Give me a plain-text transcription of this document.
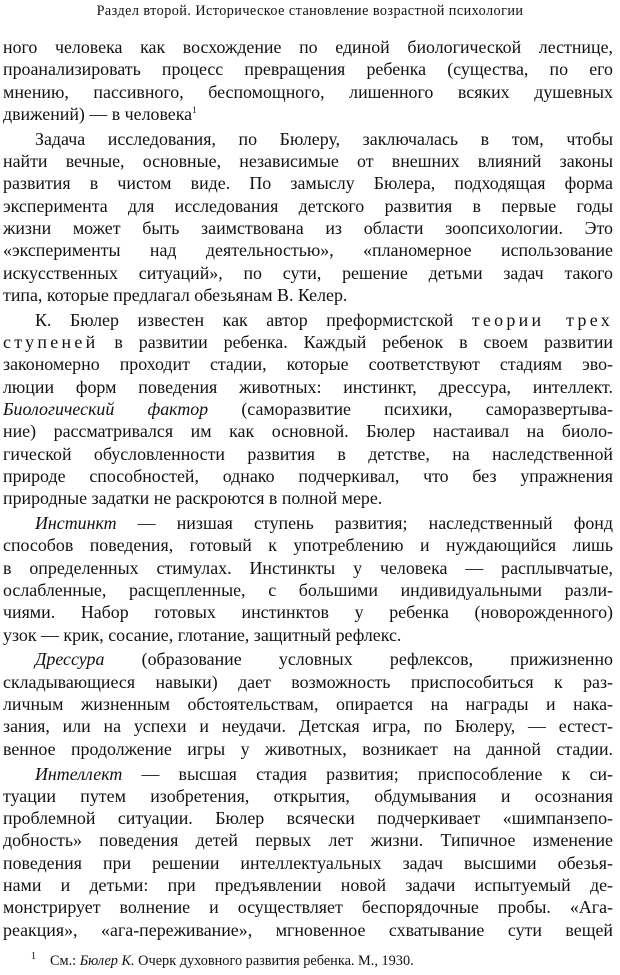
Раздел второй. Историческое становление возрастной психологии
ного человека как восхождение по единой биологической лестнице,
проанализировать процесс превращения ребенка (существа, по его
мнению, пассивного, беспомощного, лишенного всяких душевных
движений) — в человека$^1$
Задача исследования, по Бюлеру, заключалась в том, чтобы
найти вечные, основные, независимые от внешних влияний законы
развития в чистом виде. По замыслу Бюлера, подходящая форма
эксперимента для исследования детского развития в первые годы
жизни может быть заимствована из области зоопсихологии. Это
«эксперименты над деятельностью», «планомерное использование
искусственных ситуаций», по сути, решение детьми задач такого
типа, которые предлагал обезьянам В. Келер.
К. Бюлер известен как автор преформистской теории трех
ступеней в развитии ребенка. Каждый ребенок в своем развитии
закономерно проходит стадии, которые соответствуют стадиям эво-
люции форм поведения животных: инстинкт, дрессура, интеллект.
Биологический фактор (саморазвитие психики, саморазвертыва-
ние) рассматривался им как основной. Бюлер настаивал на биоло-
гической обусловленности развития в детстве, на наследственной
природе способностей, однако подчеркивал, что без упражнения
природные задатки не раскроются в полной мере.
Инстинкт — низшая ступень развития; наследственный фонд
способов поведения, готовый к употреблению и нуждающийся лишь
в определенных стимулах. Инстинкты у человека — расплывчатые,
ослабленные, расщепленные, с большими индивидуальными разли-
чиями. Набор готовых инстинктов у ребенка (новорожденного)
узок — крик, сосание, глотание, защитный рефлекс.
Дрессура (образование условных рефлексов, прижизненно
складывающиеся навыки) дает возможность приспособиться к раз-
личным жизненным обстоятельствам, опирается на награды и нака-
зания, или на успехи и неудачи. Детская игра, по Бюлеру, — естест-
венное продолжение игры у животных, возникает на данной стадии.
Интеллект — высшая стадия развития; приспособление к си-
туации путем изобретения, открытия, обдумывания и осознания
проблемной ситуации. Бюлер всячески подчеркивает «шимпанзепо-
добность» поведения детей первых лет жизни. Типичное изменение
поведения при решении интеллектуальных задач высшими обезья-
нами и детьми: при предъявлении новой задачи испытуемый де-
монстрирует волнение и осуществляет беспорядочные пробы. «Ага-
реакция», «ага-переживание», мгновенное схватывание сути вещей
$^1$ См.: Бюлер К. Очерк духовного развития ребенка. М., 1930.
